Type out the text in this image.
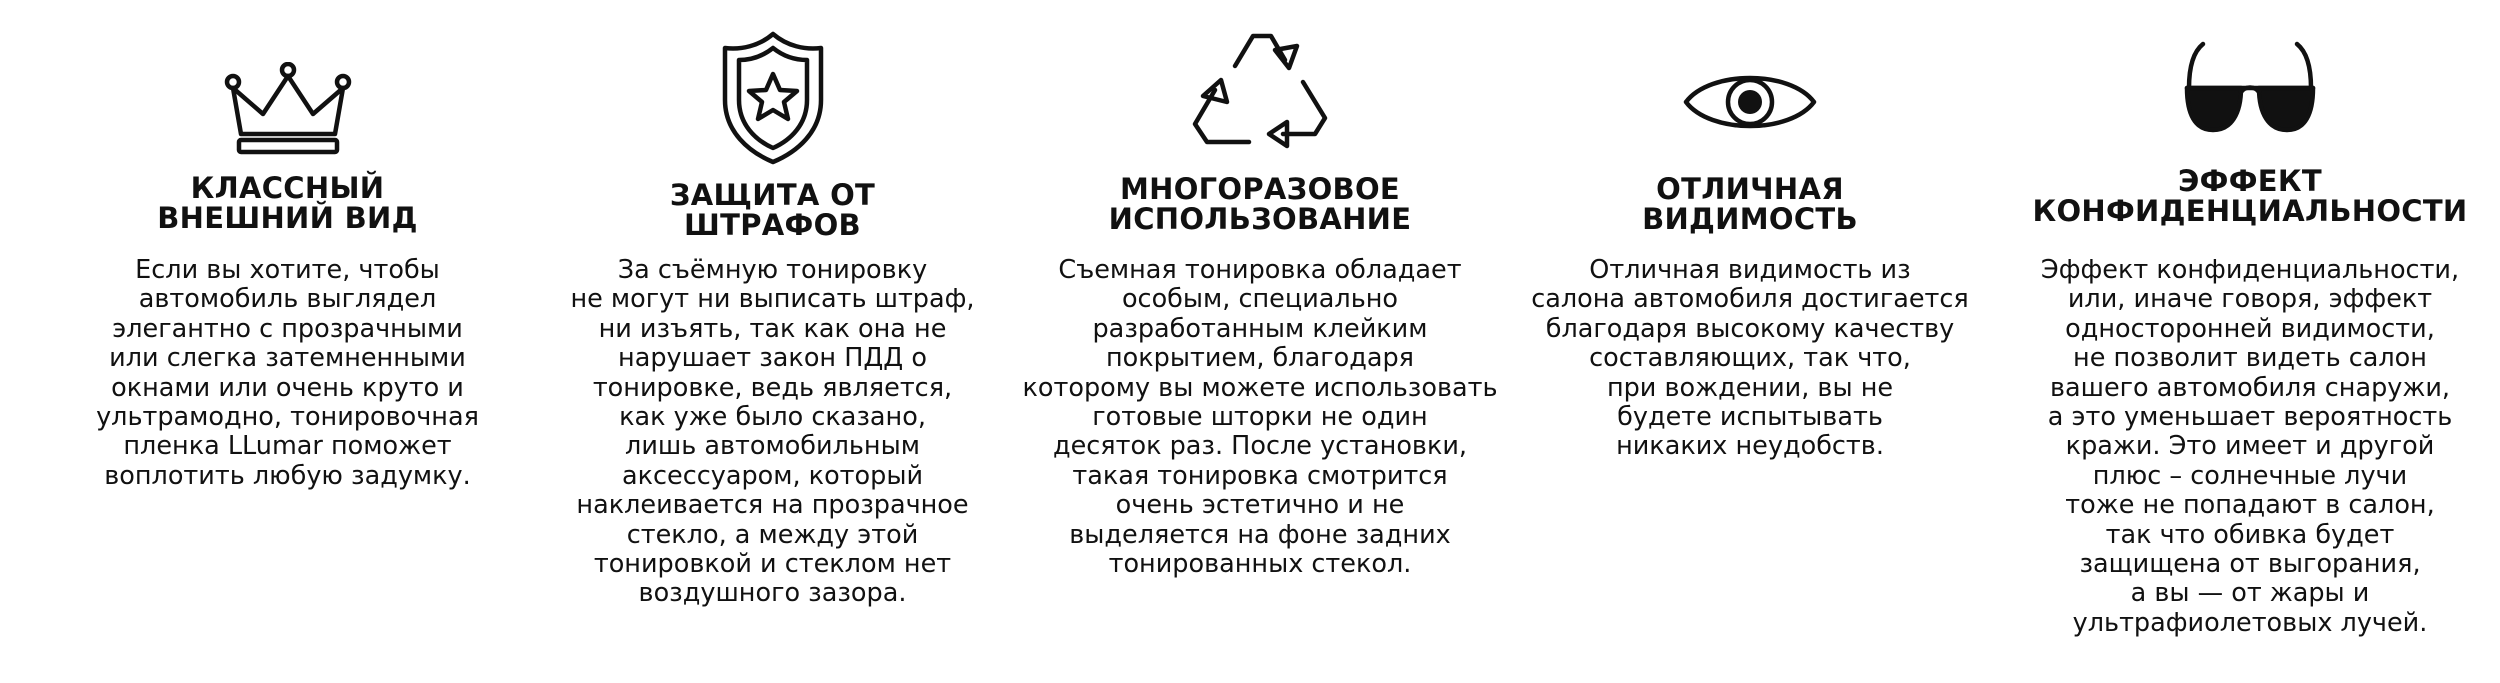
КЛАССНЫЙ
ВНЕШНИЙ ВИД
Если вы хотите, чтобы
автомобиль выглядел
элегантно с прозрачными
или слегка затемненными
окнами или очень круто и
ультрамодно, тонировочная
пленка LLumar поможет
воплотить любую задумку.
ЗАЩИТА ОТ
ШТРАФОВ
За съёмную тонировку
не могут ни выписать штраф,
ни изъять, так как она не
нарушает закон ПДД о
тонировке, ведь является,
как уже было сказано,
лишь автомобильным
аксессуаром, который
наклеивается на прозрачное
стекло, а между этой
тонировкой и стеклом нет
воздушного зазора.
МНОГОРАЗОВОЕ
ИСПОЛЬЗОВАНИЕ
Съемная тонировка обладает
особым, специально
разработанным клейким
покрытием, благодаря
которому вы можете использовать
готовые шторки не один
десяток раз. После установки,
такая тонировка смотрится
очень эстетично и не
выделяется на фоне задних
тонированных стекол.
ОТЛИЧНАЯ
ВИДИМОСТЬ
Отличная видимость из
салона автомобиля достигается
благодаря высокому качеству
составляющих, так что,
при вождении, вы не
будете испытывать
никаких неудобств.
ЭФФЕКТ
КОНФИДЕНЦИАЛЬНОСТИ
Эффект конфиденциальности,
или, иначе говоря, эффект
односторонней видимости,
не позволит видеть салон
вашего автомобиля снаружи,
а это уменьшает вероятность
кражи. Это имеет и другой
плюс – солнечные лучи
тоже не попадают в салон,
так что обивка будет
защищена от выгорания,
а вы — от жары и
ультрафиолетовых лучей.
